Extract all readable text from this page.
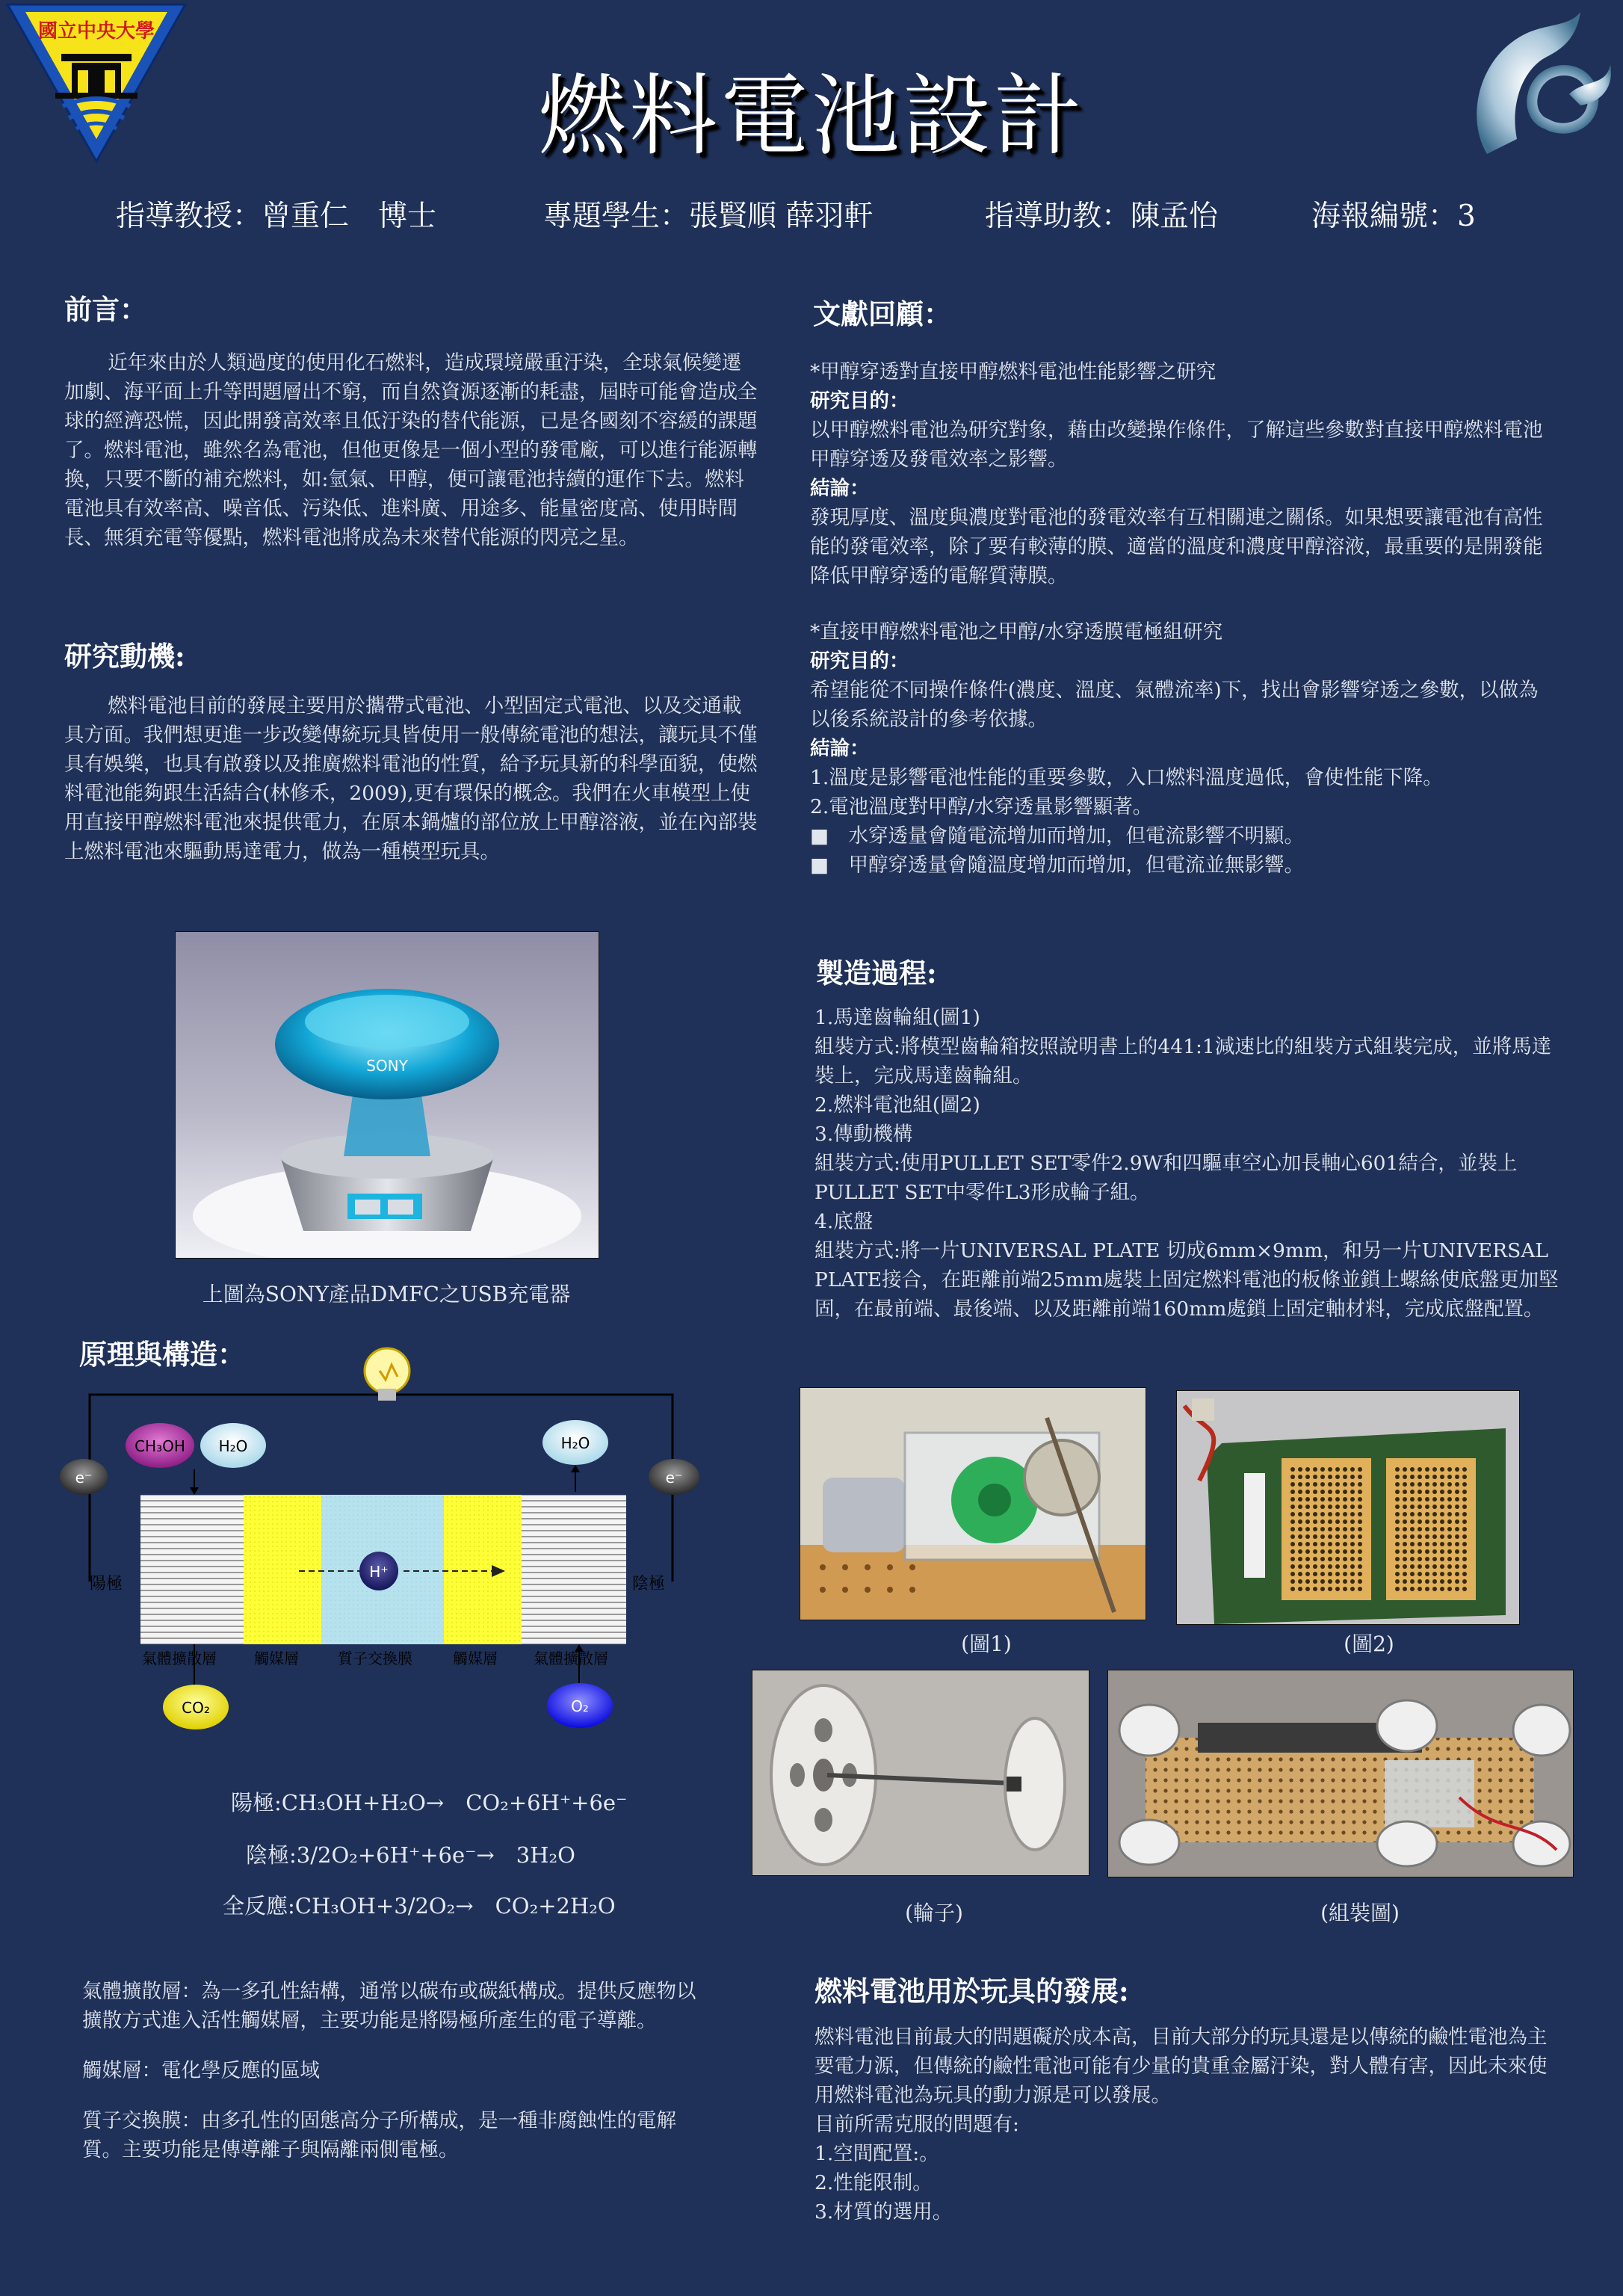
國立中央大學
燃料電池設計

指導教授：曾重仁　博士

	專題學生：張賢順 薛羽軒

	指導助教：陳孟怡

	海報編號：3

前言：

近年來由於人類過度的使用化石燃料，造成環境嚴重汙染，全球氣候變遷加劇、海平面上升等問題層出不窮，而自然資源逐漸的耗盡，屆時可能會造成全球的經濟恐慌，因此開發高效率且低汙染的替代能源，已是各國刻不容緩的課題了。燃料電池，雖然名為電池，但他更像是一個小型的發電廠，可以進行能源轉換，只要不斷的補充燃料，如:氫氣、甲醇，便可讓電池持續的運作下去。燃料電池具有效率高、噪音低、污染低、進料廣、用途多、能量密度高、使用時間長、無須充電等優點，燃料電池將成為未來替代能源的閃亮之星。

研究動機:

燃料電池目前的發展主要用於攜帶式電池、小型固定式電池、以及交通載具方面。我們想更進一步改變傳統玩具皆使用一般傳統電池的想法，讓玩具不僅具有娛樂，也具有啟發以及推廣燃料電池的性質，給予玩具新的科學面貌，使燃料電池能夠跟生活結合(林修禾，2009),更有環保的概念。我們在火車模型上使用直接甲醇燃料電池來提供電力，在原本鍋爐的部位放上甲醇溶液，並在內部裝上燃料電池來驅動馬達電力，做為一種模型玩具。

SONY
上圖為SONY產品DMFC之USB充電器
原理與構造：
H⁺
CH₃OH H₂O	H₂O
e⁻	e⁻
陽極	陰極
氣體擴散層	觸媒層	質子交換膜	觸媒層 氣體擴散層
CO₂	O₂
陽極:CH₃OH+H₂O→　CO₂+6H⁺+6e⁻
陰極:3/2O₂+6H⁺+6e⁻→　3H₂O
全反應:CH₃OH+3/2O₂→　CO₂+2H₂O

氣體擴散層：為一多孔性結構，通常以碳布或碳紙構成。提供反應物以擴散方式進入活性觸媒層，主要功能是將陽極所產生的電子導離。

觸媒層：電化學反應的區域

質子交換膜：由多孔性的固態高分子所構成，是一種非腐蝕性的電解質。主要功能是傳導離子與隔離兩側電極。

文獻回顧：

*甲醇穿透對直接甲醇燃料電池性能影響之研究

研究目的：

以甲醇燃料電池為研究對象，藉由改變操作條件，了解這些參數對直接甲醇燃料電池甲醇穿透及發電效率之影響。

結論：

發現厚度、溫度與濃度對電池的發電效率有互相關連之關係。如果想要讓電池有高性能的發電效率，除了要有較薄的膜、適當的溫度和濃度甲醇溶液，最重要的是開發能降低甲醇穿透的電解質薄膜。

*直接甲醇燃料電池之甲醇/水穿透膜電極組研究

研究目的：

希望能從不同操作條件(濃度、溫度、氣體流率)下，找出會影響穿透之參數，以做為以後系統設計的參考依據。

結論：

1.溫度是影響電池性能的重要參數，入口燃料溫度過低，會使性能下降。

2.電池溫度對甲醇/水穿透量影響顯著。

■　水穿透量會隨電流增加而增加，但電流影響不明顯。

■　甲醇穿透量會隨溫度增加而增加，但電流並無影響。

製造過程:

1.馬達齒輪組(圖1)

組裝方式:將模型齒輪箱按照說明書上的441:1減速比的組裝方式組裝完成，並將馬達裝上，完成馬達齒輪組。

2.燃料電池組(圖2)

3.傳動機構

組裝方式:使用PULLET SET零件2.9W和四驅車空心加長軸心601結合，並裝上PULLET SET中零件L3形成輪子組。

4.底盤

組裝方式:將一片UNIVERSAL PLATE 切成6mm×9mm，和另一片UNIVERSAL PLATE接合，在距離前端25mm處裝上固定燃料電池的板條並鎖上螺絲使底盤更加堅固，在最前端、最後端、以及距離前端160mm處鎖上固定軸材料，完成底盤配置。

(圖1)	(圖2)
(輪子)	(組裝圖)
燃料電池用於玩具的發展:

燃料電池目前最大的問題礙於成本高，目前大部分的玩具還是以傳統的鹼性電池為主要電力源，但傳統的鹼性電池可能有少量的貴重金屬汙染，對人體有害，因此未來使用燃料電池為玩具的動力源是可以發展。

目前所需克服的問題有:

1.空間配置:。

2.性能限制。

3.材質的選用。
